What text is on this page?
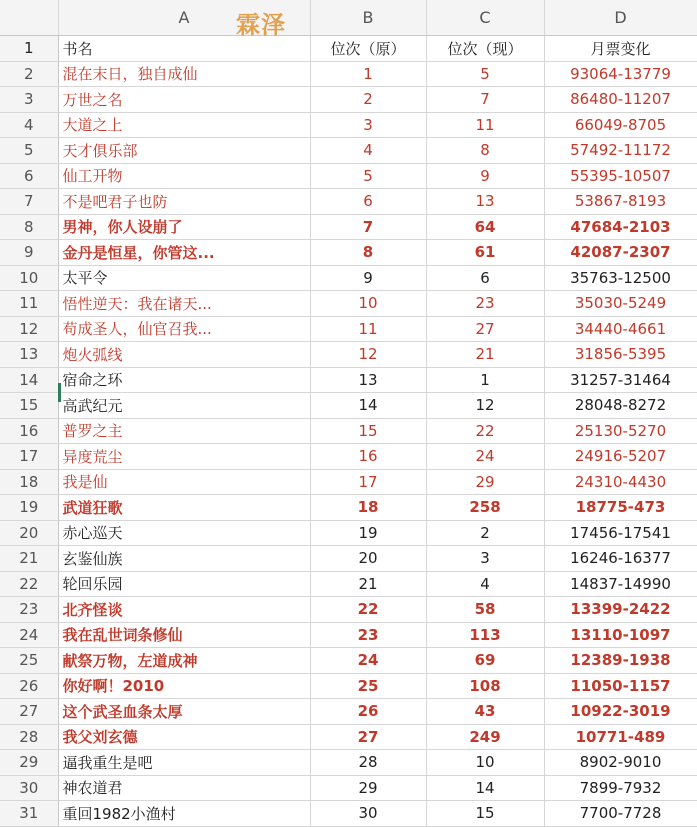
	A	B	C	D
1	书名	位次（原）	位次（现）	月票变化
2	混在末日，独自成仙	1	5	93064-13779
3	万世之名	2	7	86480-11207
4	大道之上	3	11	66049-8705
5	天才俱乐部	4	8	57492-11172
6	仙工开物	5	9	55395-10507
7	不是吧君子也防	6	13	53867-8193
8	男神，你人设崩了	7	64	47684-2103
9	金丹是恒星，你管这...	8	61	42087-2307
10	太平令	9	6	35763-12500
11	悟性逆天：我在诸天...	10	23	35030-5249
12	苟成圣人，仙官召我...	11	27	34440-4661
13	炮火弧线	12	21	31856-5395
14	宿命之环	13	1	31257-31464
15	高武纪元	14	12	28048-8272
16	普罗之主	15	22	25130-5270
17	异度荒尘	16	24	24916-5207
18	我是仙	17	29	24310-4430
19	武道狂歌	18	258	18775-473
20	赤心巡天	19	2	17456-17541
21	玄鉴仙族	20	3	16246-16377
22	轮回乐园	21	4	14837-14990
23	北齐怪谈	22	58	13399-2422
24	我在乱世词条修仙	23	113	13110-1097
25	献祭万物，左道成神	24	69	12389-1938
26	你好啊！2010	25	108	11050-1157
27	这个武圣血条太厚	26	43	10922-3019
28	我父刘玄德	27	249	10771-489
29	逼我重生是吧	28	10	8902-9010
30	神农道君	29	14	7899-7932
31	重回1982小渔村	30	15	7700-7728
霖泽
